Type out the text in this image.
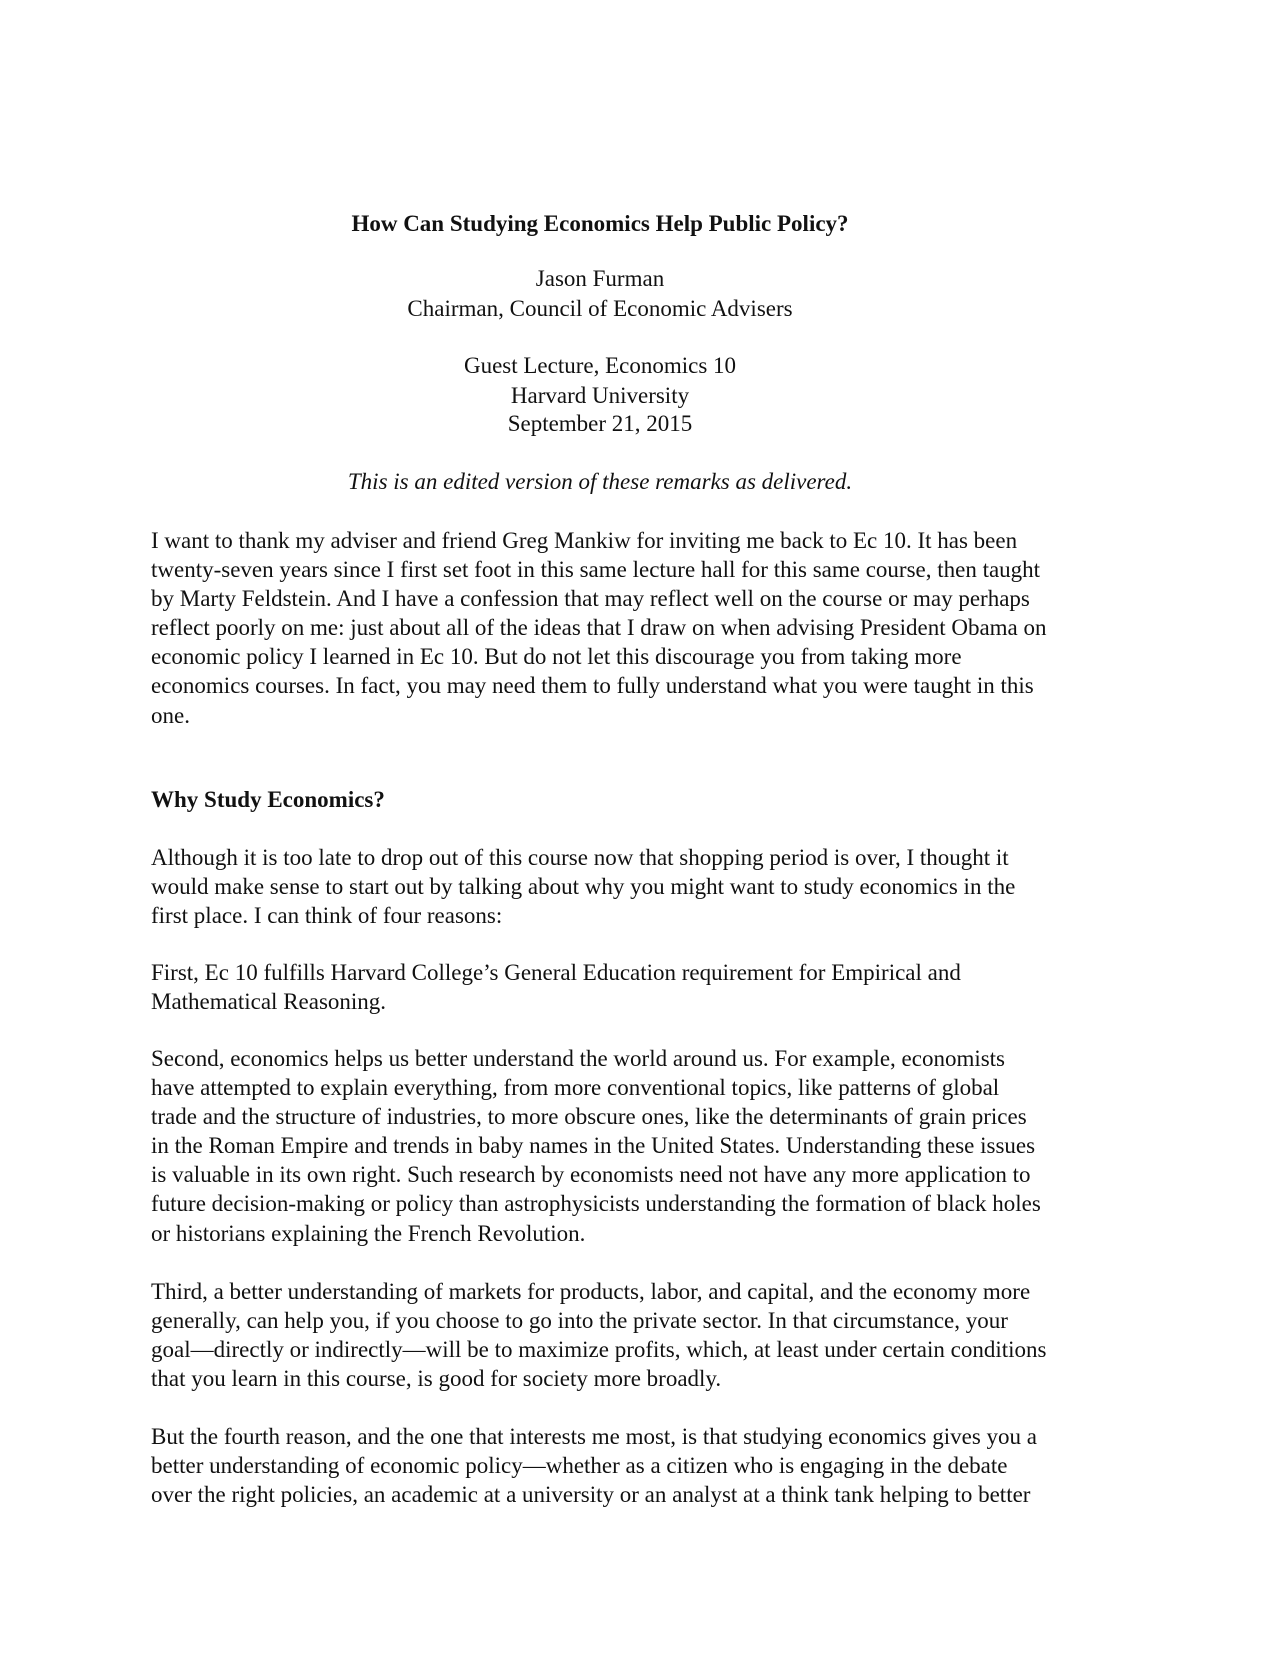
How Can Studying Economics Help Public Policy?
Jason Furman
Chairman, Council of Economic Advisers
Guest Lecture, Economics 10
Harvard University
September 21, 2015
This is an edited version of these remarks as delivered.
I want to thank my adviser and friend Greg Mankiw for inviting me back to Ec 10. It has been
twenty-seven years since I first set foot in this same lecture hall for this same course, then taught
by Marty Feldstein. And I have a confession that may reflect well on the course or may perhaps
reflect poorly on me: just about all of the ideas that I draw on when advising President Obama on
economic policy I learned in Ec 10. But do not let this discourage you from taking more
economics courses. In fact, you may need them to fully understand what you were taught in this
one.
Why Study Economics?
Although it is too late to drop out of this course now that shopping period is over, I thought it
would make sense to start out by talking about why you might want to study economics in the
first place. I can think of four reasons:
First, Ec 10 fulfills Harvard College’s General Education requirement for Empirical and
Mathematical Reasoning.
Second, economics helps us better understand the world around us. For example, economists
have attempted to explain everything, from more conventional topics, like patterns of global
trade and the structure of industries, to more obscure ones, like the determinants of grain prices
in the Roman Empire and trends in baby names in the United States. Understanding these issues
is valuable in its own right. Such research by economists need not have any more application to
future decision-making or policy than astrophysicists understanding the formation of black holes
or historians explaining the French Revolution.
Third, a better understanding of markets for products, labor, and capital, and the economy more
generally, can help you, if you choose to go into the private sector. In that circumstance, your
goal—directly or indirectly—will be to maximize profits, which, at least under certain conditions
that you learn in this course, is good for society more broadly.
But the fourth reason, and the one that interests me most, is that studying economics gives you a
better understanding of economic policy—whether as a citizen who is engaging in the debate
over the right policies, an academic at a university or an analyst at a think tank helping to better
